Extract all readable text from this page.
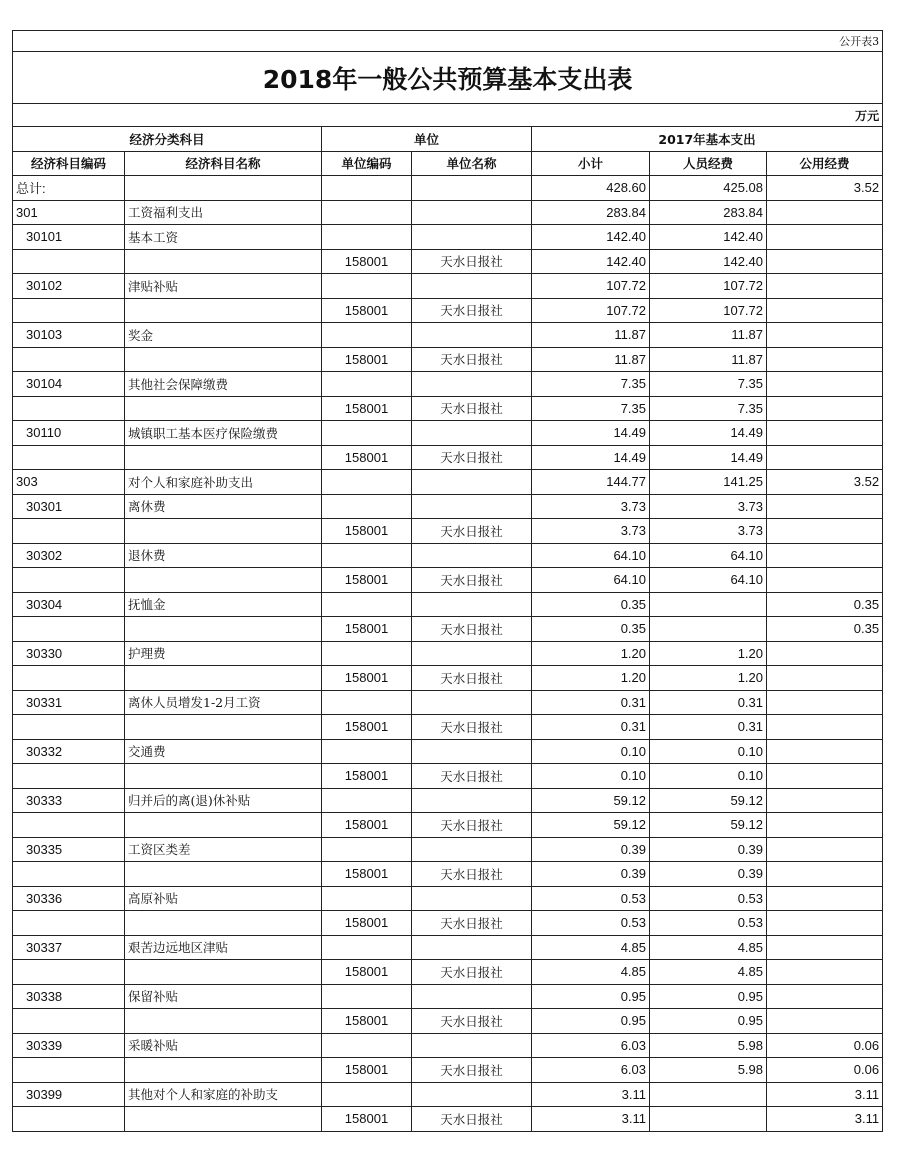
公开表3						
2018年一般公共预算基本支出表						
万元						
经济分类科目		单位		2017年基本支出		
经济科目编码	经济科目名称	单位编码	单位名称	小计	人员经费	公用经费
总计:				428.60	425.08	3.52
301	工资福利支出			283.84	283.84	
30101	基本工资			142.40	142.40	
		158001	天水日报社	142.40	142.40	
30102	津贴补贴			107.72	107.72	
		158001	天水日报社	107.72	107.72	
30103	奖金			11.87	11.87	
		158001	天水日报社	11.87	11.87	
30104	其他社会保障缴费			7.35	7.35	
		158001	天水日报社	7.35	7.35	
30110	城镇职工基本医疗保险缴费			14.49	14.49	
		158001	天水日报社	14.49	14.49	
303	对个人和家庭补助支出			144.77	141.25	3.52
30301	离休费			3.73	3.73	
		158001	天水日报社	3.73	3.73	
30302	退休费			64.10	64.10	
		158001	天水日报社	64.10	64.10	
30304	抚恤金			0.35		0.35
		158001	天水日报社	0.35		0.35
30330	护理费			1.20	1.20	
		158001	天水日报社	1.20	1.20	
30331	离休人员增发1-2月工资			0.31	0.31	
		158001	天水日报社	0.31	0.31	
30332	交通费			0.10	0.10	
		158001	天水日报社	0.10	0.10	
30333	归并后的离(退)休补贴			59.12	59.12	
		158001	天水日报社	59.12	59.12	
30335	工资区类差			0.39	0.39	
		158001	天水日报社	0.39	0.39	
30336	高原补贴			0.53	0.53	
		158001	天水日报社	0.53	0.53	
30337	艰苦边远地区津贴			4.85	4.85	
		158001	天水日报社	4.85	4.85	
30338	保留补贴			0.95	0.95	
		158001	天水日报社	0.95	0.95	
30339	采暖补贴			6.03	5.98	0.06
		158001	天水日报社	6.03	5.98	0.06
30399	其他对个人和家庭的补助支			3.11		3.11
		158001	天水日报社	3.11		3.11
